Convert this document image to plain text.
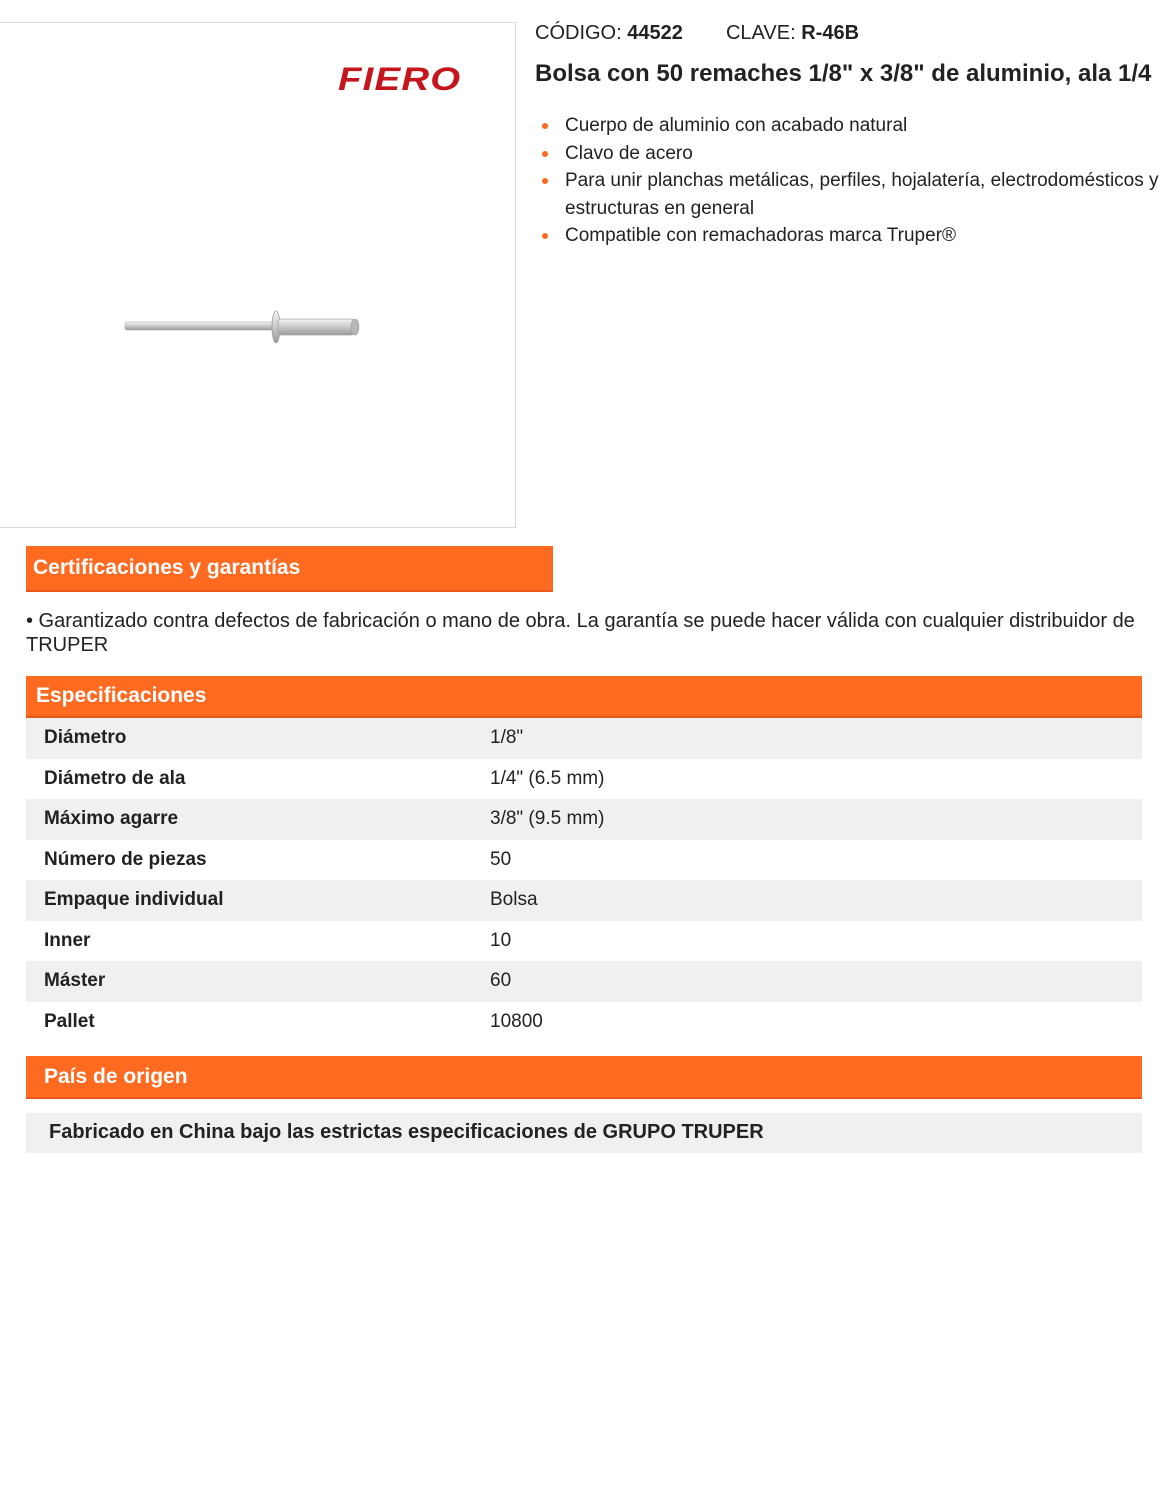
FIERO
CÓDIGO: 44522 CLAVE: R-46B
Bolsa con 50 remaches 1/8" x 3/8" de aluminio, ala 1/4
Cuerpo de aluminio con acabado natural
Clavo de acero
Para unir planchas metálicas, perfiles, hojalatería, electrodomésticos y estructuras en general
Compatible con remachadoras marca Truper®
Certificaciones y garantías

• Garantizado contra defectos de fabricación o mano de obra. La garantía se puede hacer válida con cualquier distribuidor de TRUPER

Especificaciones
Diámetro	1/8"
Diámetro de ala	1/4" (6.5 mm)
Máximo agarre	3/8" (9.5 mm)
Número de piezas	50
Empaque individual	Bolsa
Inner	10
Máster	60
Pallet	10800
País de origen
Fabricado en China bajo las estrictas especificaciones de GRUPO TRUPER
